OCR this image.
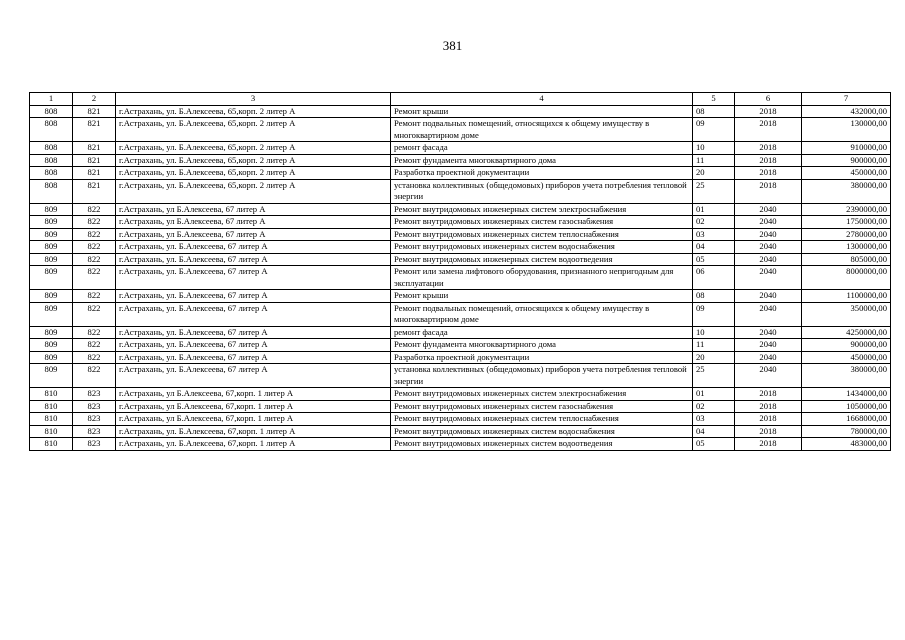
381
1	2	3	4	5	6	7
808	821	г.Астрахань, ул. Б.Алексеева, 65,корп. 2 литер А	Ремонт крыши	08	2018	432000,00
808	821	г.Астрахань, ул. Б.Алексеева, 65,корп. 2 литер А	Ремонт подвальных помещений, относящихся к общему имуществу в многоквартирном доме	09	2018	130000,00
808	821	г.Астрахань, ул. Б.Алексеева, 65,корп. 2 литер А	ремонт фасада	10	2018	910000,00
808	821	г.Астрахань, ул. Б.Алексеева, 65,корп. 2 литер А	Ремонт фундамента многоквартирного дома	11	2018	900000,00
808	821	г.Астрахань, ул. Б.Алексеева, 65,корп. 2 литер А	Разработка проектной документации	20	2018	450000,00
808	821	г.Астрахань, ул. Б.Алексеева, 65,корп. 2 литер А	установка коллективных (общедомовых) приборов учета потребления тепловой энергии	25	2018	380000,00
809	822	г.Астрахань, ул Б.Алексеева, 67 литер А	Ремонт внутридомовых инженерных систем электроснабжения	01	2040	2390000,00
809	822	г.Астрахань, ул Б.Алексеева, 67 литер А	Ремонт внутридомовых инженерных систем газоснабжения	02	2040	1750000,00
809	822	г.Астрахань, ул Б.Алексеева, 67 литер А	Ремонт внутридомовых инженерных систем теплоснабжения	03	2040	2780000,00
809	822	г.Астрахань, ул. Б.Алексеева, 67 литер А	Ремонт внутридомовых инженерных систем водоснабжения	04	2040	1300000,00
809	822	г.Астрахань, ул. Б.Алексеева, 67 литер А	Ремонт внутридомовых инженерных систем водоотведения	05	2040	805000,00
809	822	г.Астрахань, ул. Б.Алексеева, 67 литер А	Ремонт или замена лифтового оборудования, признанного непригодным для эксплуатации	06	2040	8000000,00
809	822	г.Астрахань, ул. Б.Алексеева, 67 литер А	Ремонт крыши	08	2040	1100000,00
809	822	г.Астрахань, ул. Б.Алексеева, 67 литер А	Ремонт подвальных помещений, относящихся к общему имуществу в многоквартирном доме	09	2040	350000,00
809	822	г.Астрахань, ул. Б.Алексеева, 67 литер А	ремонт фасада	10	2040	4250000,00
809	822	г.Астрахань, ул. Б.Алексеева, 67 литер А	Ремонт фундамента многоквартирного дома	11	2040	900000,00
809	822	г.Астрахань, ул. Б.Алексеева, 67 литер А	Разработка проектной документации	20	2040	450000,00
809	822	г.Астрахань, ул. Б.Алексеева, 67 литер А	установка коллективных (общедомовых) приборов учета потребления тепловой энергии	25	2040	380000,00
810	823	г.Астрахань, ул Б.Алексеева, 67,корп. 1 литер А	Ремонт внутридомовых инженерных систем электроснабжения	01	2018	1434000,00
810	823	г.Астрахань, ул Б.Алексеева, 67,корп. 1 литер А	Ремонт внутридомовых инженерных систем газоснабжения	02	2018	1050000,00
810	823	г.Астрахань, ул Б.Алексеева, 67,корп. 1 литер А	Ремонт внутридомовых инженерных систем теплоснабжения	03	2018	1668000,00
810	823	г.Астрахань, ул. Б.Алексеева, 67,корп. 1 литер А	Ремонт внутридомовых инженерных систем водоснабжения	04	2018	780000,00
810	823	г.Астрахань, ул. Б.Алексеева, 67,корп. 1 литер А	Ремонт внутридомовых инженерных систем водоотведения	05	2018	483000,00
